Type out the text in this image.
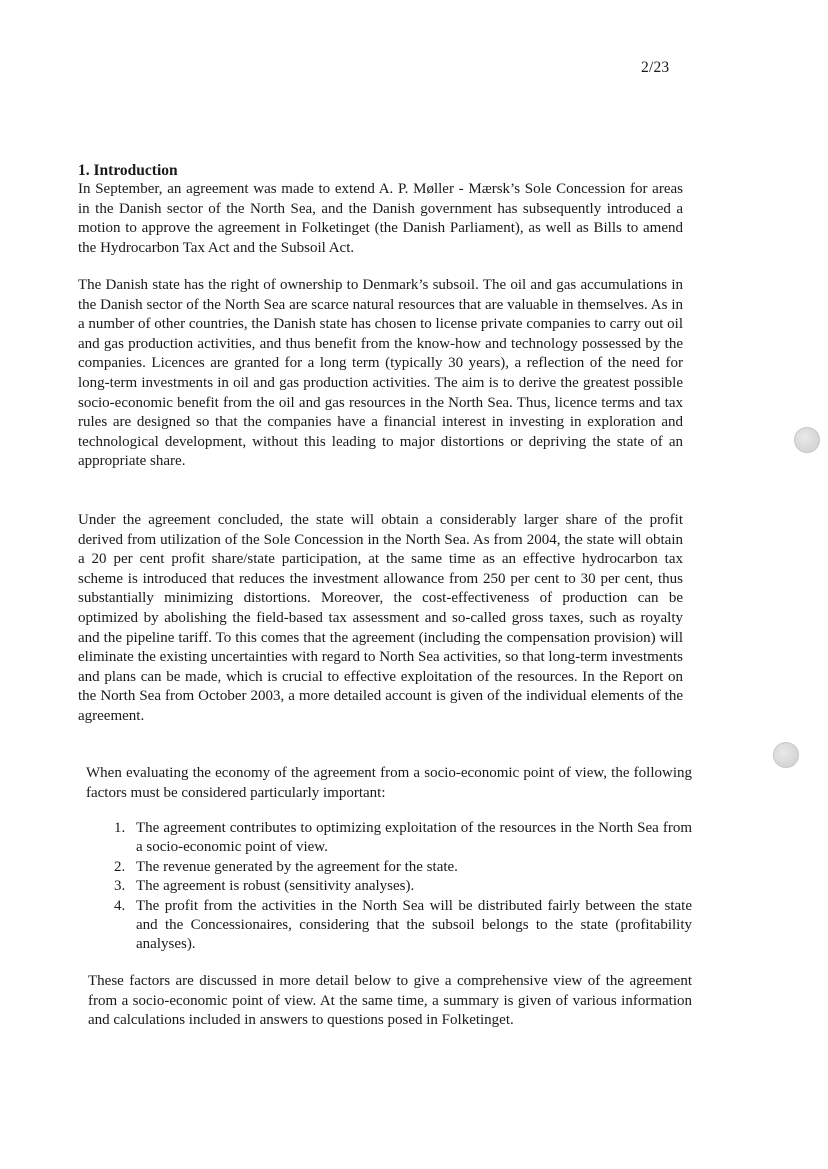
2/23
1. Introduction

In September, an agreement was made to extend A. P. Møller - Mærsk’s Sole Concession for areas in the Danish sector of the North Sea, and the Danish government has subsequently introduced a motion to approve the agreement in Folketinget (the Danish Parliament), as well as Bills to amend the Hydrocarbon Tax Act and the Subsoil Act.

The Danish state has the right of ownership to Denmark’s subsoil. The oil and gas accumulations in the Danish sector of the North Sea are scarce natural resources that are valuable in themselves. As in a number of other countries, the Danish state has chosen to license private companies to carry out oil and gas production activities, and thus benefit from the know-how and technology possessed by the companies. Licences are granted for a long term (typically 30 years), a reflection of the need for long-term investments in oil and gas production activities. The aim is to derive the greatest possible socio-economic benefit from the oil and gas resources in the North Sea. Thus, licence terms and tax rules are designed so that the companies have a financial interest in investing in exploration and technological development, without this leading to major distortions or depriving the state of an appropriate share.

Under the agreement concluded, the state will obtain a considerably larger share of the profit derived from utilization of the Sole Concession in the North Sea. As from 2004, the state will obtain a 20 per cent profit share/state participation, at the same time as an effective hydrocarbon tax scheme is introduced that reduces the investment allowance from 250 per cent to 30 per cent, thus substantially minimizing distortions. Moreover, the cost-effectiveness of production can be optimized by abolishing the field-based tax assessment and so-called gross taxes, such as royalty and the pipeline tariff. To this comes that the agreement (including the compensation provision) will eliminate the existing uncertainties with regard to North Sea activities, so that long-term investments and plans can be made, which is crucial to effective exploitation of the resources. In the Report on the North Sea from October 2003, a more detailed account is given of the individual elements of the agreement.

When evaluating the economy of the agreement from a socio-economic point of view, the following factors must be considered particularly important:

1. The agreement contributes to optimizing exploitation of the resources in the North Sea from a socio-economic point of view.
2. The revenue generated by the agreement for the state.
3. The agreement is robust (sensitivity analyses).
4. The profit from the activities in the North Sea will be distributed fairly between the state and the Concessionaires, considering that the subsoil belongs to the state (profitability analyses).

These factors are discussed in more detail below to give a comprehensive view of the agreement from a socio-economic point of view. At the same time, a summary is given of various information and calculations included in answers to questions posed in Folketinget.
